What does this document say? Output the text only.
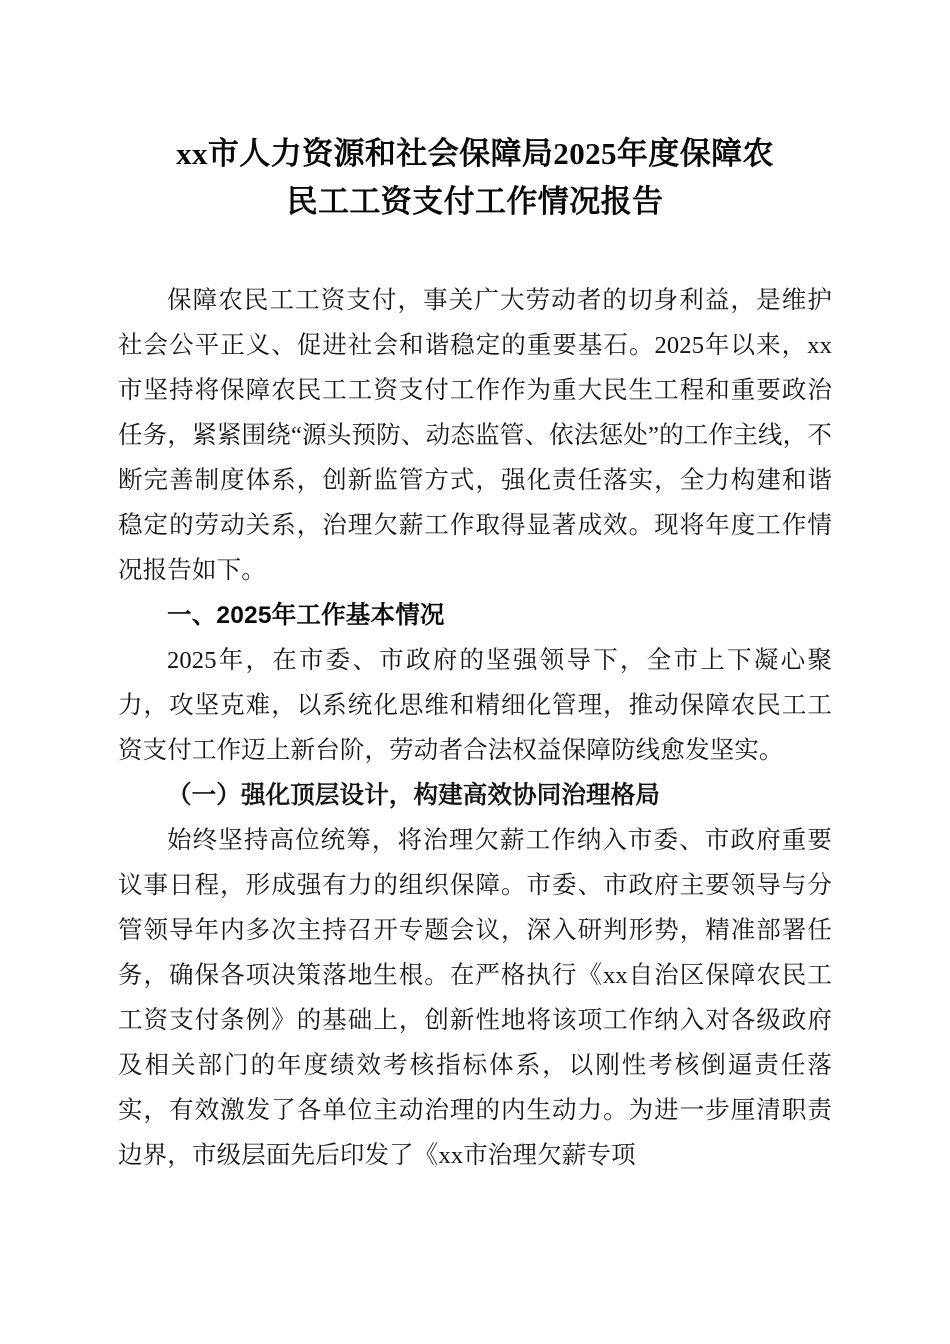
xx市人力资源和社会保障局2025年度保障农
民工工资支付工作情况报告

保障农民工工资支付，事关广大劳动者的切身利益，是维护社会公平正义、促进社会和谐稳定的重要基石。2025年以来，xx市坚持将保障农民工工资支付工作作为重大民生工程和重要政治任务，紧紧围绕“源头预防、动态监管、依法惩处”的工作主线，不断完善制度体系，创新监管方式，强化责任落实，全力构建和谐稳定的劳动关系，治理欠薪工作取得显著成效。现将年度工作情况报告如下。

一、2025年工作基本情况

2025年，在市委、市政府的坚强领导下，全市上下凝心聚力，攻坚克难，以系统化思维和精细化管理，推动保障农民工工资支付工作迈上新台阶，劳动者合法权益保障防线愈发坚实。

（一）强化顶层设计，构建高效协同治理格局

始终坚持高位统筹，将治理欠薪工作纳入市委、市政府重要议事日程，形成强有力的组织保障。市委、市政府主要领导与分管领导年内多次主持召开专题会议，深入研判形势，精准部署任务，确保各项决策落地生根。在严格执行《xx自治区保障农民工工资支付条例》的基础上，创新性地将该项工作纳入对各级政府及相关部门的年度绩效考核指标体系，以刚性考核倒逼责任落实，有效激发了各单位主动治理的内生动力。为进一步厘清职责边界，市级层面先后印发了《xx市治理欠薪专项
